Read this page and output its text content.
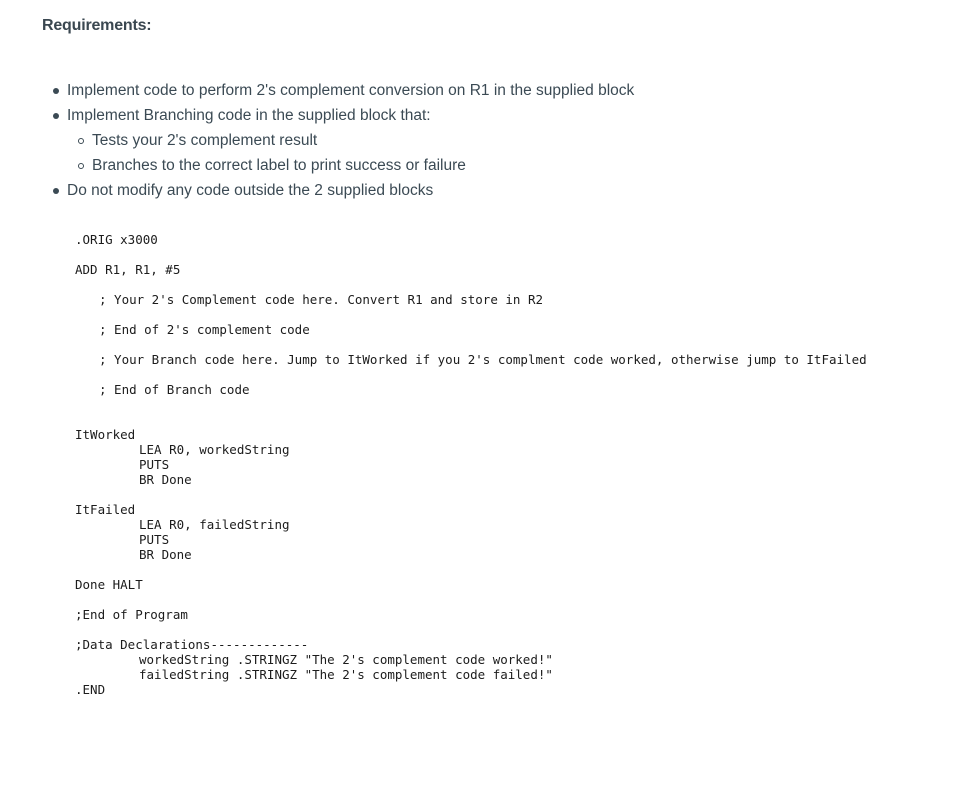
Requirements:
Implement code to perform 2's complement conversion on R1 in the supplied block
Implement Branching code in the supplied block that:
Tests your 2's complement result
Branches to the correct label to print success or failure
Do not modify any code outside the 2 supplied blocks
.ORIG x3000
ADD R1, R1, #5
; Your 2's Complement code here. Convert R1 and store in R2
; End of 2's complement code
; Your Branch code here. Jump to ItWorked if you 2's complment code worked, otherwise jump to ItFailed
; End of Branch code
ItWorked
LEA R0, workedString
PUTS
BR Done
ItFailed
LEA R0, failedString
PUTS
BR Done
Done HALT
;End of Program
;Data Declarations-------------
workedString .STRINGZ "The 2's complement code worked!"
failedString .STRINGZ "The 2's complement code failed!"
.END
